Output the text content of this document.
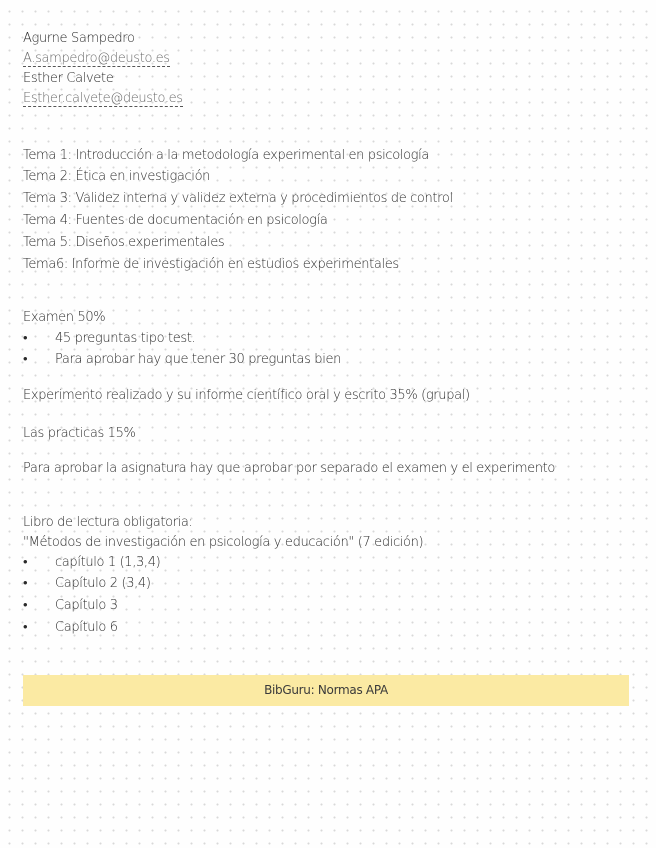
Agurne Sampedro
A.sampedro@deusto.es
Esther Calvete
Esther.calvete@deusto.es
Tema 1: Introducción a la metodología experimental en psicología
Tema 2: Ética en investigación
Tema 3: Validez interna y validez externa y procedimientos de control
Tema 4: Fuentes de documentación en psicología
Tema 5: Diseños experimentales
Tema6: Informe de investigación en estudios experimentales
Examen 50%
• 45 preguntas tipo test.
• Para aprobar hay que tener 30 preguntas bien
Experimento realizado y su informe científico oral y escrito 35% (grupal)
Las practicas 15%
Para aprobar la asignatura hay que aprobar por separado el examen y el experimento
Libro de lectura obligatoria:
"Métodos de investigación en psicología y educación" (7 edición)
• capítulo 1 (1,3,4)
• Capítulo 2 (3,4)
• Capítulo 3
• Capítulo 6
BibGuru: Normas APA
